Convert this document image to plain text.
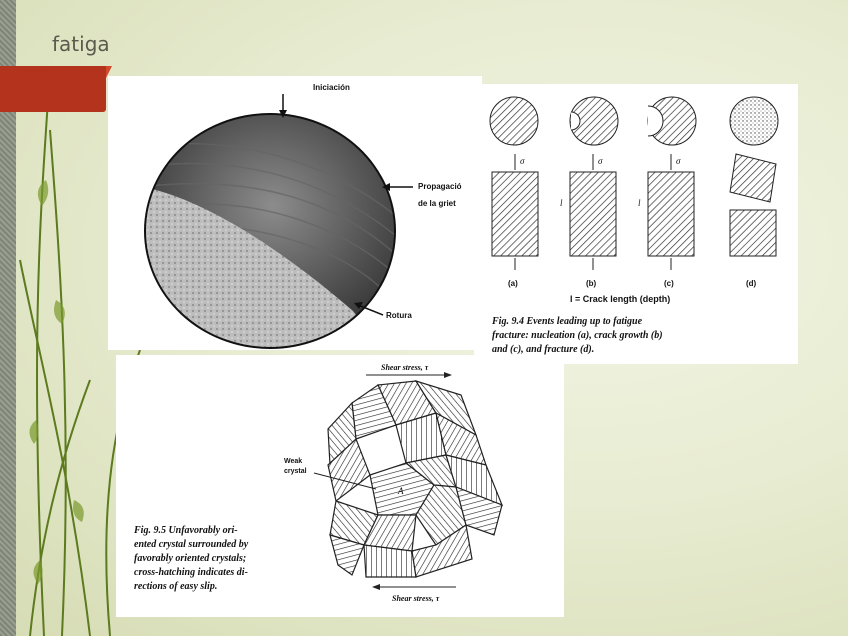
fatiga
Iniciación
Propagació
de la griet
Rotura
σ	σ	σ
l	l
(a)	(b)	(c)	(d)
l = Crack length (depth)
Fig. 9.4 Events leading up to fatigue
fracture: nucleation (a), crack growth (b)
and (c), and fracture (d).
Shear stress, τ
Shear stress, τ
Weak
crystal
A
Fig. 9.5 Unfavorably ori-
ented crystal surrounded by
favorably oriented crystals;
cross-hatching indicates di-
rections of easy slip.
